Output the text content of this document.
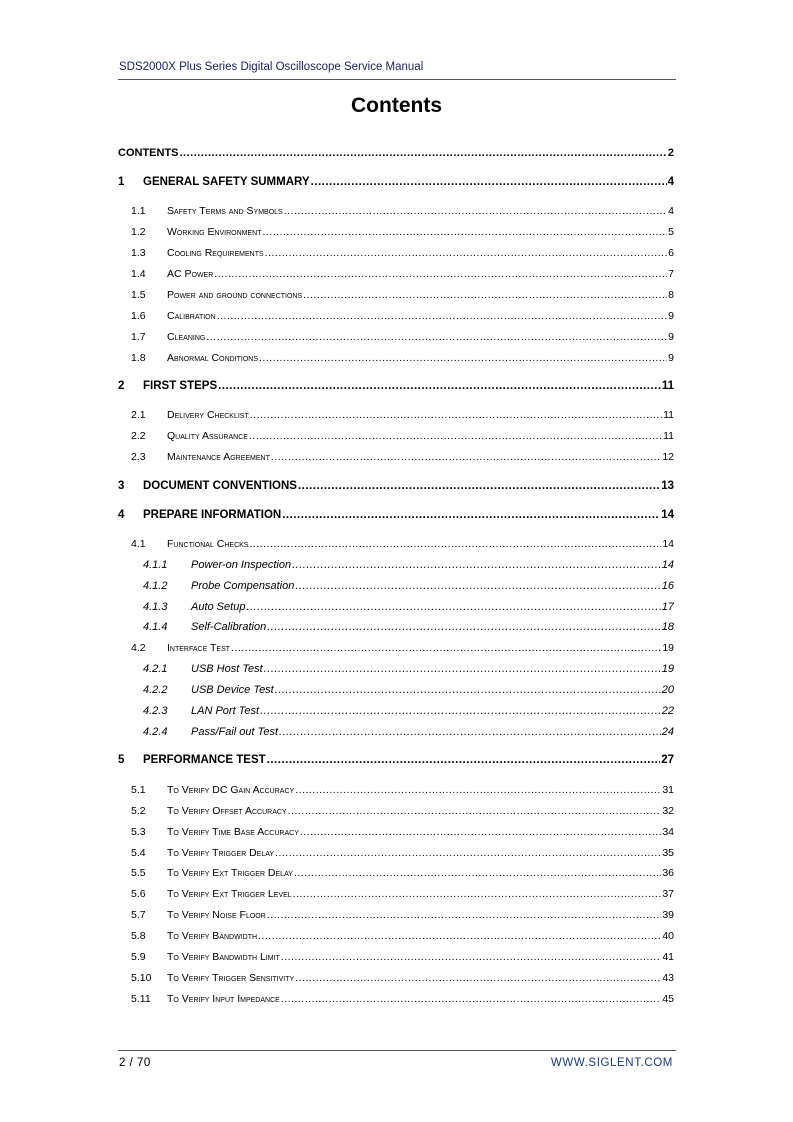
SDS2000X Plus Series Digital Oscilloscope Service Manual
Contents
CONTENTS .....	2
1	GENERAL SAFETY SUMMARY .....	4
1.1	Safety Terms and Symbols .....	4
1.2	Working Environment .....	5
1.3	Cooling Requirements .....	6
1.4	AC Power .....	7
1.5	Power and ground connections .....	8
1.6	Calibration .....	9
1.7	Cleaning .....	9
1.8	Abnormal Conditions .....	9
2	FIRST STEPS .....	11
2.1	Delivery Checklist .....	11
2.2	Quality Assurance .....	11
2.3	Maintenance Agreement .....	12
3	DOCUMENT CONVENTIONS .....	13
4	PREPARE INFORMATION .....	14
4.1	Functional Checks .....	14
4.1.1	Power-on Inspection .....	14
4.1.2	Probe Compensation .....	16
4.1.3	Auto Setup .....	17
4.1.4	Self-Calibration .....	18
4.2	Interface Test .....	19
4.2.1	USB Host Test .....	19
4.2.2	USB Device Test .....	20
4.2.3	LAN Port Test .....	22
4.2.4	Pass/Fail out Test .....	24
5	PERFORMANCE TEST .....	27
5.1	To Verify DC Gain Accuracy .....	31
5.2	To Verify Offset Accuracy .....	32
5.3	To Verify Time Base Accuracy .....	34
5.4	To Verify Trigger Delay .....	35
5.5	To Verify Ext Trigger Delay .....	36
5.6	To Verify Ext Trigger Level .....	37
5.7	To Verify Noise Floor .....	39
5.8	To Verify Bandwidth .....	40
5.9	To Verify Bandwidth Limit .....	41
5.10	To Verify Trigger Sensitivity .....	43
5.11	To Verify Input Impedance .....	45
2 / 70	WWW.SIGLENT.COM
